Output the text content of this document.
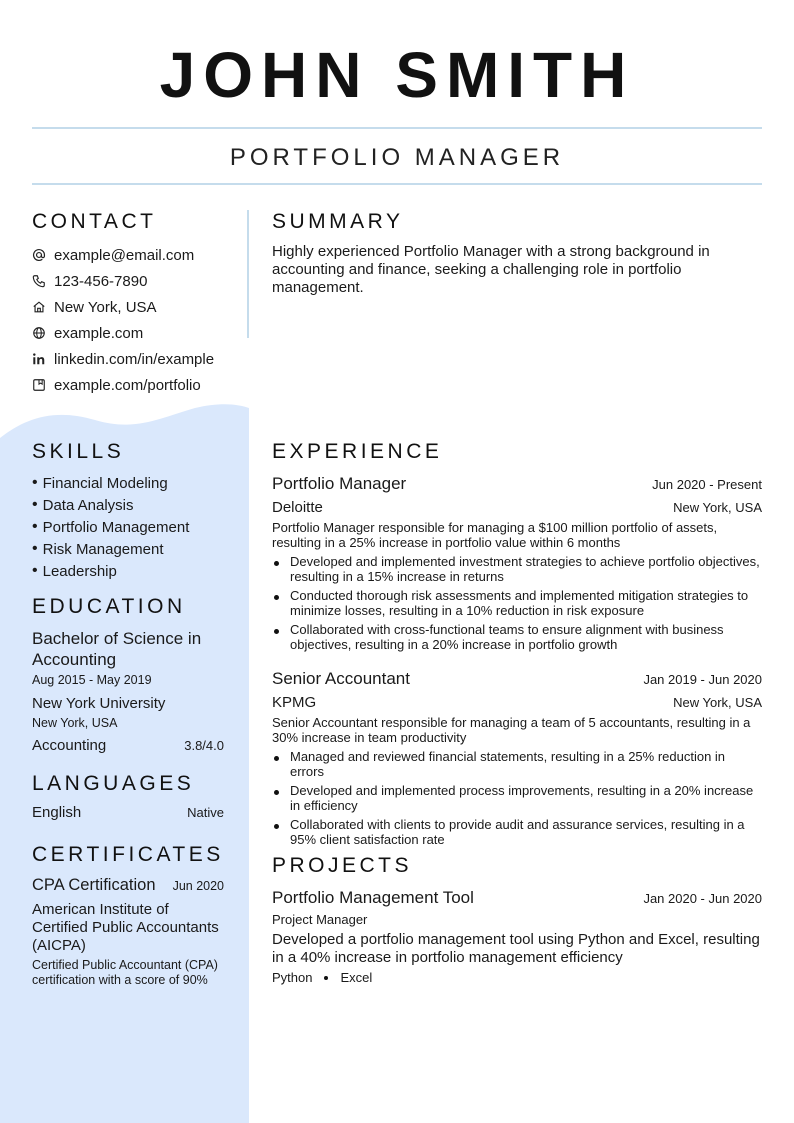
JOHN SMITH
PORTFOLIO MANAGER
CONTACT
example@email.com
123-456-7890
New York, USA
example.com
linkedin.com/in/example
example.com/portfolio
SUMMARY
Highly experienced Portfolio Manager with a strong background in accounting and finance, seeking a challenging role in portfolio management.
SKILLS
• Financial Modeling
• Data Analysis
• Portfolio Management
• Risk Management
• Leadership
EDUCATION
Bachelor of Science in Accounting
Aug 2015 - May 2019
New York University
New York, USA
Accounting	3.8/4.0
LANGUAGES
English	Native
CERTIFICATES
CPA Certification Jun 2020
American Institute of Certified Public Accountants (AICPA)
Certified Public Accountant (CPA) certification with a score of 90%
EXPERIENCE
Portfolio Manager	Jun 2020 - Present
Deloitte	New York, USA
Portfolio Manager responsible for managing a $100 million portfolio of assets, resulting in a 25% increase in portfolio value within 6 months
Developed and implemented investment strategies to achieve portfolio objectives, resulting in a 15% increase in returns
Conducted thorough risk assessments and implemented mitigation strategies to minimize losses, resulting in a 10% reduction in risk exposure
Collaborated with cross-functional teams to ensure alignment with business objectives, resulting in a 20% increase in portfolio growth
Senior Accountant	Jan 2019 - Jun 2020
KPMG	New York, USA
Senior Accountant responsible for managing a team of 5 accountants, resulting in a 30% increase in team productivity
Managed and reviewed financial statements, resulting in a 25% reduction in errors
Developed and implemented process improvements, resulting in a 20% increase in efficiency
Collaborated with clients to provide audit and assurance services, resulting in a 95% client satisfaction rate
PROJECTS
Portfolio Management Tool	Jan 2020 - Jun 2020
Project Manager
Developed a portfolio management tool using Python and Excel, resulting in a 40% increase in portfolio management efficiency
Python Excel
